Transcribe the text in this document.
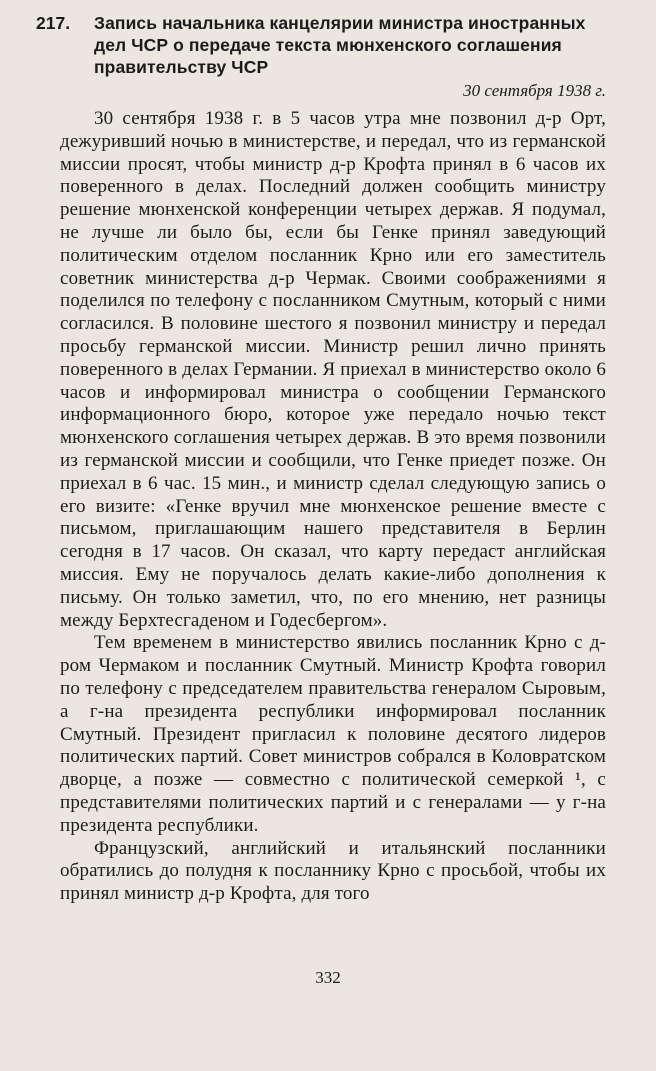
217.	Запись начальника канцелярии министра иностранных дел ЧСР о передаче текста мюнхенского соглашения правительству ЧСР
30 сентября 1938 г.

30 сентября 1938 г. в 5 часов утра мне позвонил д-р Орт, дежуривший ночью в министерстве, и передал, что из германской миссии просят, чтобы министр д-р Крофта принял в 6 часов их поверенного в делах. Последний должен сообщить министру решение мюнхенской конференции четырех держав. Я подумал, не лучше ли было бы, если бы Генке принял заведующий политическим отделом посланник Крно или его заместитель советник министерства д-р Чермак. Своими соображениями я поделился по телефону с посланником Смутным, который с ними согласился. В половине шестого я позвонил министру и передал просьбу германской миссии. Министр решил лично принять поверенного в делах Германии. Я приехал в министерство около 6 часов и информировал министра о сообщении Германского информационного бюро, которое уже передало ночью текст мюнхенского соглашения четырех держав. В это время позвонили из германской миссии и сообщили, что Генке приедет позже. Он приехал в 6 час. 15 мин., и министр сделал следующую запись о его визите: «Генке вручил мне мюнхенское решение вместе с письмом, приглашающим нашего представителя в Берлин сегодня в 17 часов. Он сказал, что карту передаст английская миссия. Ему не поручалось делать какие-либо дополнения к письму. Он только заметил, что, по его мнению, нет разницы между Берхтесгаденом и Годесбергом».

Тем временем в министерство явились посланник Крно с д-ром Чермаком и посланник Смутный. Министр Крофта говорил по телефону с председателем правительства генералом Сыровым, а г-на президента республики информировал посланник Смутный. Президент пригласил к половине десятого лидеров политических партий. Совет министров собрался в Коловратском дворце, а позже — совместно с политической семеркой ¹, с представителями политических партий и с генералами — у г-на президента республики.

Французский, английский и итальянский посланники обратились до полудня к посланнику Крно с просьбой, чтобы их принял министр д-р Крофта, для того

332
